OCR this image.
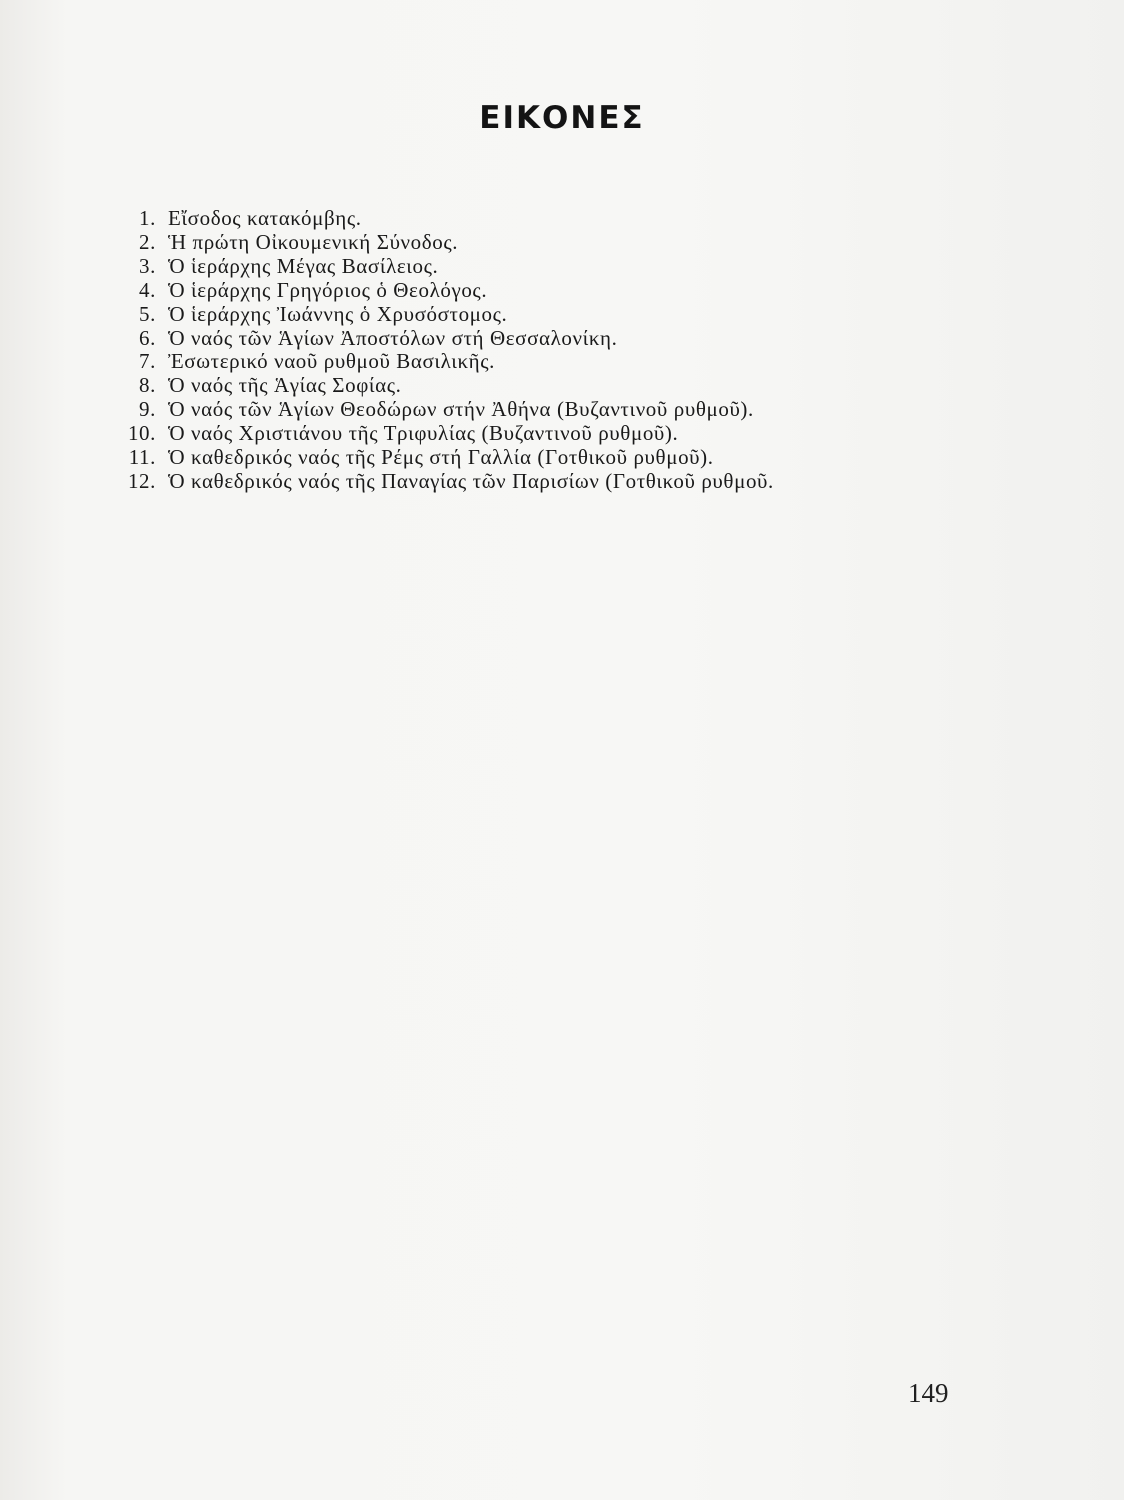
ΕΙΚΟΝΕΣ
1. Εἴσοδος κατακόμβης.
2. Ἡ πρώτη Οἰκουμενική Σύνοδος.
3. Ὁ ἱεράρχης Μέγας Βασίλειος.
4. Ὁ ἱεράρχης Γρηγόριος ὁ Θεολόγος.
5. Ὁ ἱεράρχης Ἰωάννης ὁ Χρυσόστομος.
6. Ὁ ναός τῶν Ἁγίων Ἀποστόλων στή Θεσσαλονίκη.
7. Ἐσωτερικό ναοῦ ρυθμοῦ Βασιλικῆς.
8. Ὁ ναός τῆς Ἁγίας Σοφίας.
9. Ὁ ναός τῶν Ἁγίων Θεοδώρων στήν Ἀθήνα (Βυζαντινοῦ ρυθμοῦ).
10. Ὁ ναός Χριστιάνου τῆς Τριφυλίας (Βυζαντινοῦ ρυθμοῦ).
11. Ὁ καθεδρικός ναός τῆς Ρέμς στή Γαλλία (Γοτθικοῦ ρυθμοῦ).
12. Ὁ καθεδρικός ναός τῆς Παναγίας τῶν Παρισίων (Γοτθικοῦ ρυθμοῦ.
149
